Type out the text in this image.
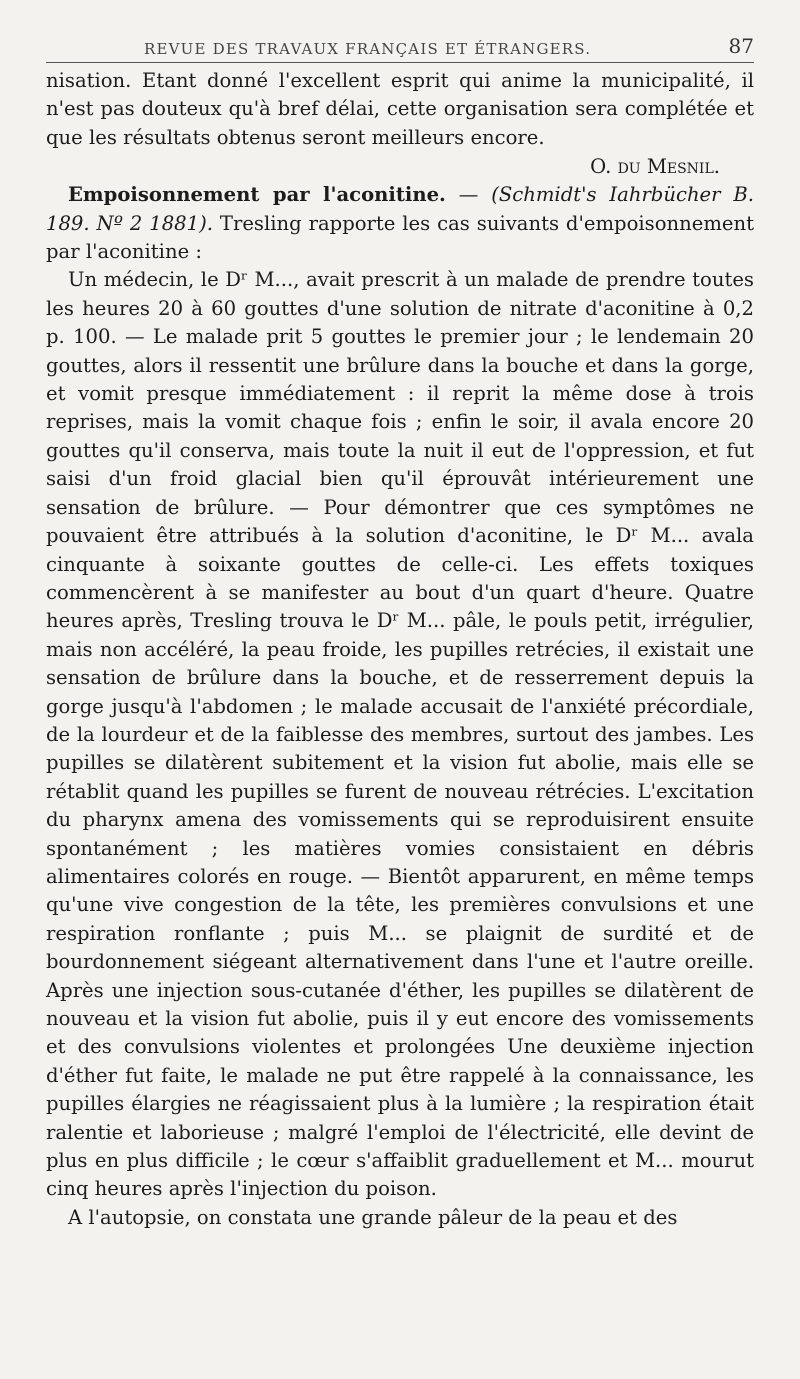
REVUE DES TRAVAUX FRANÇAIS ET ÉTRANGERS.	87

nisation. Etant donné l'excellent esprit qui anime la municipalité, il n'est pas douteux qu'à bref délai, cette organisation sera complétée et que les résultats obtenus seront meilleurs encore.

O. du Mesnil.

Empoisonnement par l'aconitine. — (Schmidt's Iahrbücher B. 189. Nº 2 1881). Tresling rapporte les cas suivants d'empoisonnement par l'aconitine :

Un médecin, le Dʳ M..., avait prescrit à un malade de prendre toutes les heures 20 à 60 gouttes d'une solution de nitrate d'aconitine à 0,2 p. 100. — Le malade prit 5 gouttes le premier jour ; le lendemain 20 gouttes, alors il ressentit une brûlure dans la bouche et dans la gorge, et vomit presque immédiatement : il reprit la même dose à trois reprises, mais la vomit chaque fois ; enfin le soir, il avala encore 20 gouttes qu'il conserva, mais toute la nuit il eut de l'oppression, et fut saisi d'un froid glacial bien qu'il éprouvât intérieurement une sensation de brûlure. — Pour démontrer que ces symptômes ne pouvaient être attribués à la solution d'aconitine, le Dʳ M... avala cinquante à soixante gouttes de celle-ci. Les effets toxiques commencèrent à se manifester au bout d'un quart d'heure. Quatre heures après, Tresling trouva le Dʳ M... pâle, le pouls petit, irrégulier, mais non accéléré, la peau froide, les pupilles retrécies, il existait une sensation de brûlure dans la bouche, et de resserrement depuis la gorge jusqu'à l'abdomen ; le malade accusait de l'anxiété précordiale, de la lourdeur et de la faiblesse des membres, surtout des jambes. Les pupilles se dilatèrent subitement et la vision fut abolie, mais elle se rétablit quand les pupilles se furent de nouveau rétrécies. L'excitation du pharynx amena des vomissements qui se reproduisirent ensuite spontanément ; les matières vomies consistaient en débris alimentaires colorés en rouge. — Bientôt apparurent, en même temps qu'une vive congestion de la tête, les premières convulsions et une respiration ronflante ; puis M... se plaignit de surdité et de bourdonnement siégeant alternativement dans l'une et l'autre oreille. Après une injection sous-cutanée d'éther, les pupilles se dilatèrent de nouveau et la vision fut abolie, puis il y eut encore des vomissements et des convulsions violentes et prolongées Une deuxième injection d'éther fut faite, le malade ne put être rappelé à la connaissance, les pupilles élargies ne réagissaient plus à la lumière ; la respiration était ralentie et laborieuse ; malgré l'emploi de l'électricité, elle devint de plus en plus difficile ; le cœur s'affaiblit graduellement et M... mourut cinq heures après l'injection du poison.

A l'autopsie, on constata une grande pâleur de la peau et des
